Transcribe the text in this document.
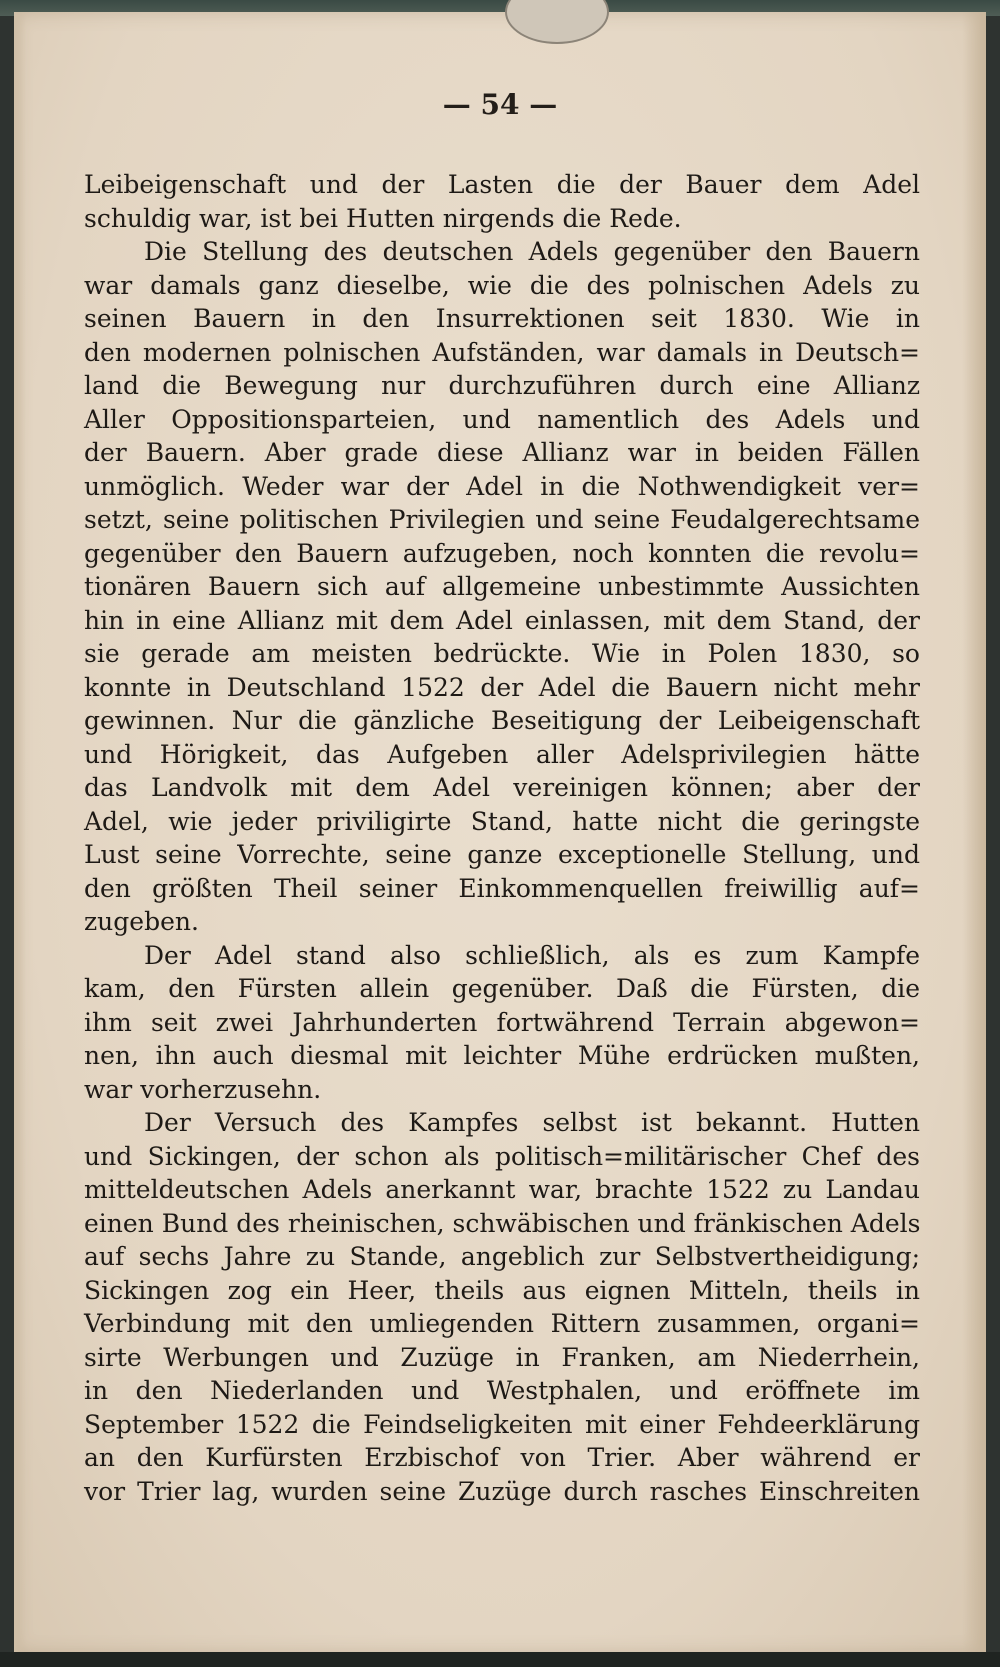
— 54 —
Leibeigenschaft und der Lasten die der Bauer dem Adel
schuldig war, ist bei Hutten nirgends die Rede.
Die Stellung des deutschen Adels gegenüber den Bauern
war damals ganz dieselbe, wie die des polnischen Adels zu
seinen Bauern in den Insurrektionen seit 1830. Wie in
den modernen polnischen Aufständen, war damals in Deutsch=
land die Bewegung nur durchzuführen durch eine Allianz
Aller Oppositionsparteien, und namentlich des Adels und
der Bauern. Aber grade diese Allianz war in beiden Fällen
unmöglich. Weder war der Adel in die Nothwendigkeit ver=
setzt, seine politischen Privilegien und seine Feudalgerechtsame
gegenüber den Bauern aufzugeben, noch konnten die revolu=
tionären Bauern sich auf allgemeine unbestimmte Aussichten
hin in eine Allianz mit dem Adel einlassen, mit dem Stand, der
sie gerade am meisten bedrückte. Wie in Polen 1830, so
konnte in Deutschland 1522 der Adel die Bauern nicht mehr
gewinnen. Nur die gänzliche Beseitigung der Leibeigenschaft
und Hörigkeit, das Aufgeben aller Adelsprivilegien hätte
das Landvolk mit dem Adel vereinigen können; aber der
Adel, wie jeder priviligirte Stand, hatte nicht die geringste
Lust seine Vorrechte, seine ganze exceptionelle Stellung, und
den größten Theil seiner Einkommenquellen freiwillig auf=
zugeben.
Der Adel stand also schließlich, als es zum Kampfe
kam, den Fürsten allein gegenüber. Daß die Fürsten, die
ihm seit zwei Jahrhunderten fortwährend Terrain abgewon=
nen, ihn auch diesmal mit leichter Mühe erdrücken mußten,
war vorherzusehn.
Der Versuch des Kampfes selbst ist bekannt. Hutten
und Sickingen, der schon als politisch=militärischer Chef des
mitteldeutschen Adels anerkannt war, brachte 1522 zu Landau
einen Bund des rheinischen, schwäbischen und fränkischen Adels
auf sechs Jahre zu Stande, angeblich zur Selbstvertheidigung;
Sickingen zog ein Heer, theils aus eignen Mitteln, theils in
Verbindung mit den umliegenden Rittern zusammen, organi=
sirte Werbungen und Zuzüge in Franken, am Niederrhein,
in den Niederlanden und Westphalen, und eröffnete im
September 1522 die Feindseligkeiten mit einer Fehdeerklärung
an den Kurfürsten Erzbischof von Trier. Aber während er
vor Trier lag, wurden seine Zuzüge durch rasches Einschreiten
